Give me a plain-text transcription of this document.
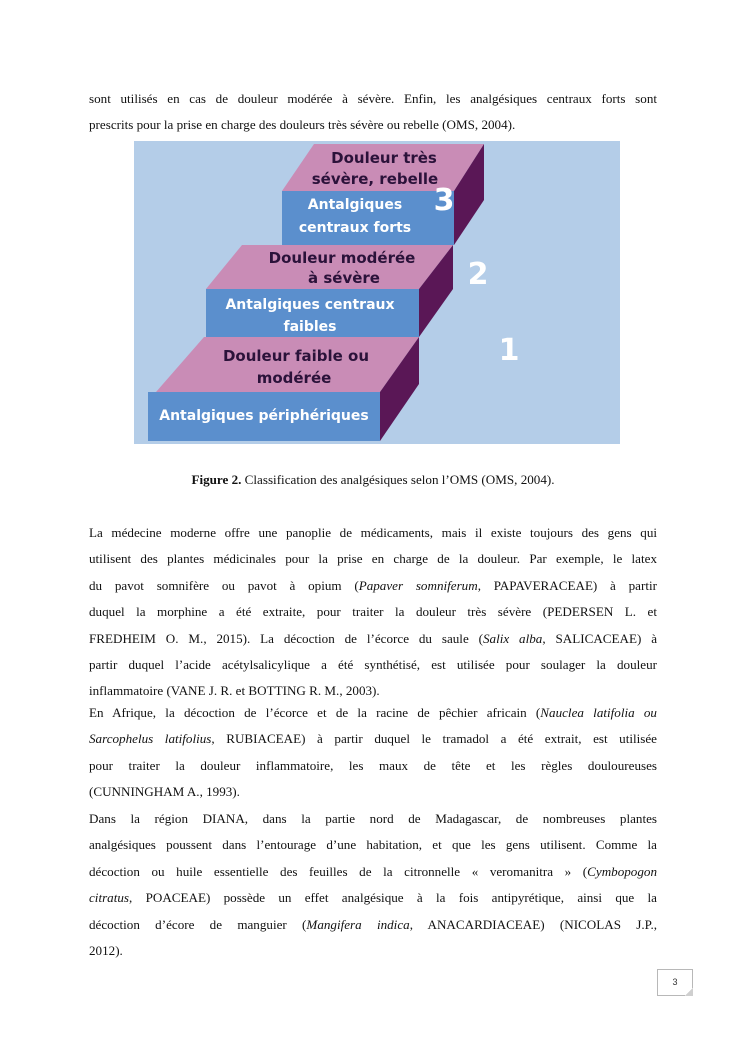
sont utilisés en cas de douleur modérée à sévère. Enfin, les analgésiques centraux forts sont
prescrits pour la prise en charge des douleurs très sévère ou rebelle (OMS, 2004).
3
2
1
Douleur très
sévère, rebelle
Antalgiques
centraux forts
Douleur modérée
à sévère
Antalgiques centraux
faibles
Douleur faible ou
modérée
Antalgiques périphériques
Figure 2. Classification des analgésiques selon l’OMS (OMS, 2004).
La médecine moderne offre une panoplie de médicaments, mais il existe toujours des gens qui
utilisent des plantes médicinales pour la prise en charge de la douleur. Par exemple, le latex
du pavot somnifère ou pavot à opium (Papaver somniferum, PAPAVERACEAE) à partir
duquel la morphine a été extraite, pour traiter la douleur très sévère (PEDERSEN L. et
FREDHEIM O. M., 2015). La décoction de l’écorce du saule (Salix alba, SALICACEAE) à
partir duquel l’acide acétylsalicylique a été synthétisé, est utilisée pour soulager la douleur
inflammatoire (VANE J. R. et BOTTING R. M., 2003).
En Afrique, la décoction de l’écorce et de la racine de pêchier africain (Nauclea latifolia ou
Sarcophelus latifolius, RUBIACEAE) à partir duquel le tramadol a été extrait, est utilisée
pour traiter la douleur inflammatoire, les maux de tête et les règles douloureuses
(CUNNINGHAM A., 1993).
Dans la région DIANA, dans la partie nord de Madagascar, de nombreuses plantes
analgésiques poussent dans l’entourage d’une habitation, et que les gens utilisent. Comme la
décoction ou huile essentielle des feuilles de la citronnelle « veromanitra » (Cymbopogon
citratus, POACEAE) possède un effet analgésique à la fois antipyrétique, ainsi que la
décoction d’écore de manguier (Mangifera indica, ANACARDIACEAE) (NICOLAS J.P.,
2012).
3
